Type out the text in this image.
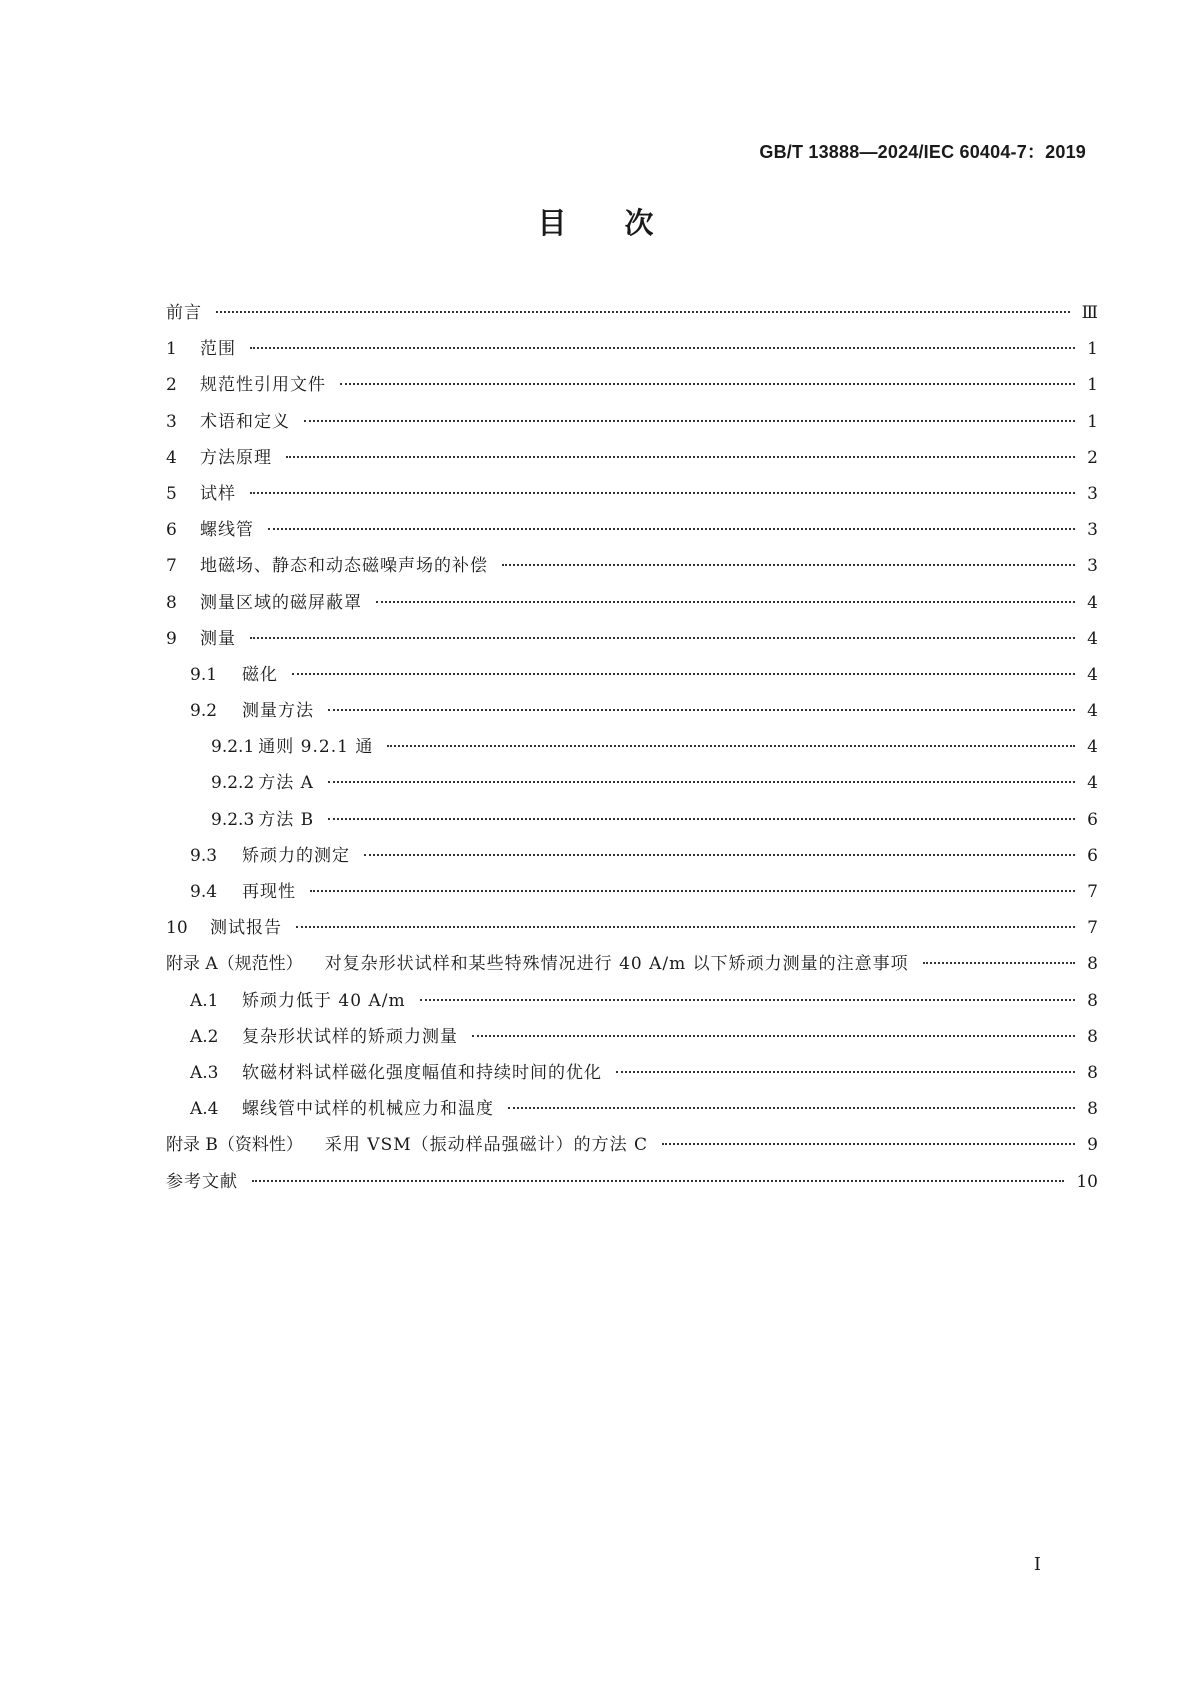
GB/T 13888—2024/IEC 60404-7：2019
目次
前言	Ⅲ
1	范围	1
2	规范性引用文件	1
3	术语和定义	1
4	方法原理	2
5	试样	3
6	螺线管	3
7	地磁场、静态和动态磁噪声场的补偿	3
8	测量区域的磁屏蔽罩	4
9	测量	4
9.1	磁化	4
9.2	测量方法	4
9.2.1 通则 9.2.1 通	4
9.2.2 方法 A	4
9.2.3 方法 B	6
9.3	矫顽力的测定	6
9.4	再现性	7
10	测试报告	7
附录 A（规范性） 对复杂形状试样和某些特殊情况进行 40 A/m 以下矫顽力测量的注意事项	8
A.1	矫顽力低于 40 A/m	8
A.2	复杂形状试样的矫顽力测量	8
A.3	软磁材料试样磁化强度幅值和持续时间的优化	8
A.4	螺线管中试样的机械应力和温度	8
附录 B（资料性） 采用 VSM（振动样品强磁计）的方法 C	9
参考文献	10
I
